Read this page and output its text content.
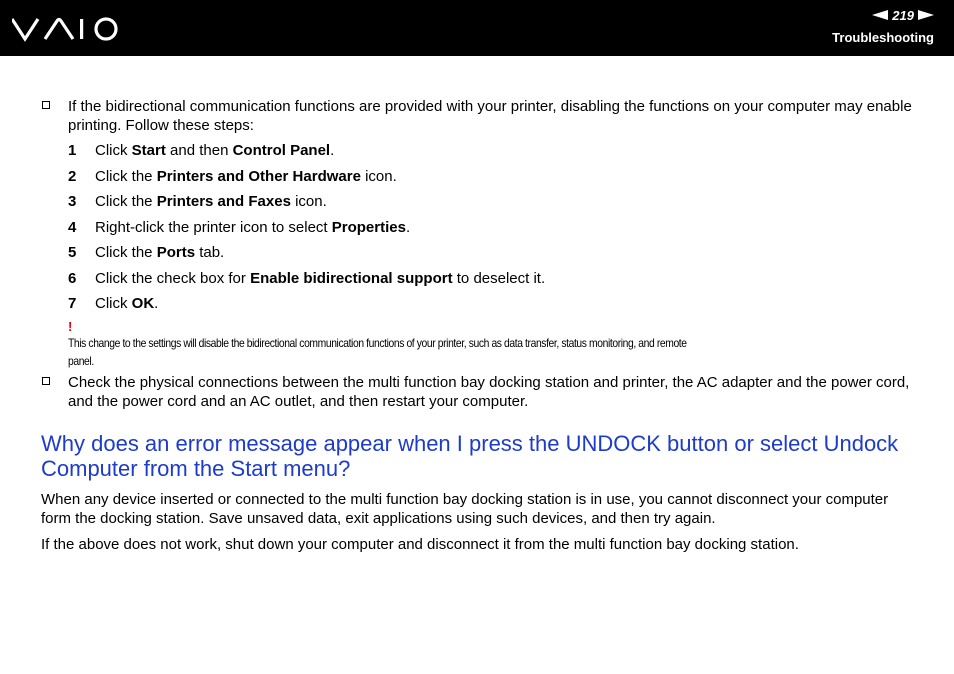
219
Troubleshooting

If the bidirectional communication functions are provided with your printer, disabling the functions on your computer may enable printing. Follow these steps:

1 Click Start and then Control Panel.
2 Click the Printers and Other Hardware icon.
3 Click the Printers and Faxes icon.
4 Right-click the printer icon to select Properties.
5 Click the Ports tab.
6 Click the check box for Enable bidirectional support to deselect it.
7 Click OK.
!
This change to the settings will disable the bidirectional communication functions of your printer, such as data transfer, status monitoring, and remote
panel.

Check the physical connections between the multi function bay docking station and printer, the AC adapter and the power cord, and the power cord and an AC outlet, and then restart your computer.

Why does an error message appear when I press the UNDOCK button or select Undock Computer from the Start menu?

When any device inserted or connected to the multi function bay docking station is in use, you cannot disconnect your computer form the docking station. Save unsaved data, exit applications using such devices, and then try again.

If the above does not work, shut down your computer and disconnect it from the multi function bay docking station.
